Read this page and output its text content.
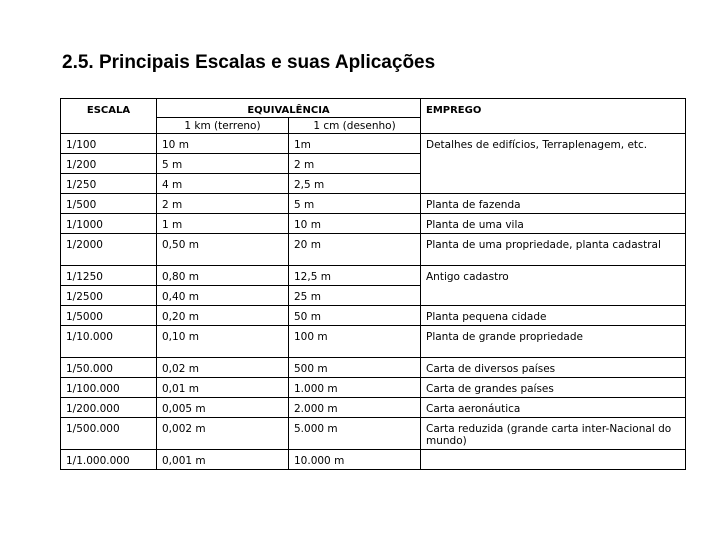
2.5. Principais Escalas e suas Aplicações
ESCALA	EQUIVALÊNCIA		EMPREGO
	1 km (terreno)	1 cm (desenho)	
1/100	10 m	1m	Detalhes de edifícios, Terraplenagem, etc.
1/200	5 m	2 m	
1/250	4 m	2,5 m	
1/500	2 m	5 m	Planta de fazenda
1/1000	1 m	10 m	Planta de uma vila
1/2000	0,50 m	20 m	Planta de uma propriedade, planta cadastral
1/1250	0,80 m	12,5 m	Antigo cadastro
1/2500	0,40 m	25 m	
1/5000	0,20 m	50 m	Planta pequena cidade
1/10.000	0,10 m	100 m	Planta de grande propriedade
1/50.000	0,02 m	500 m	Carta de diversos países
1/100.000	0,01 m	1.000 m	Carta de grandes países
1/200.000	0,005 m	2.000 m	Carta aeronáutica
1/500.000	0,002 m	5.000 m	Carta reduzida (grande carta inter-Nacional do mundo)
1/1.000.000	0,001 m	10.000 m	
